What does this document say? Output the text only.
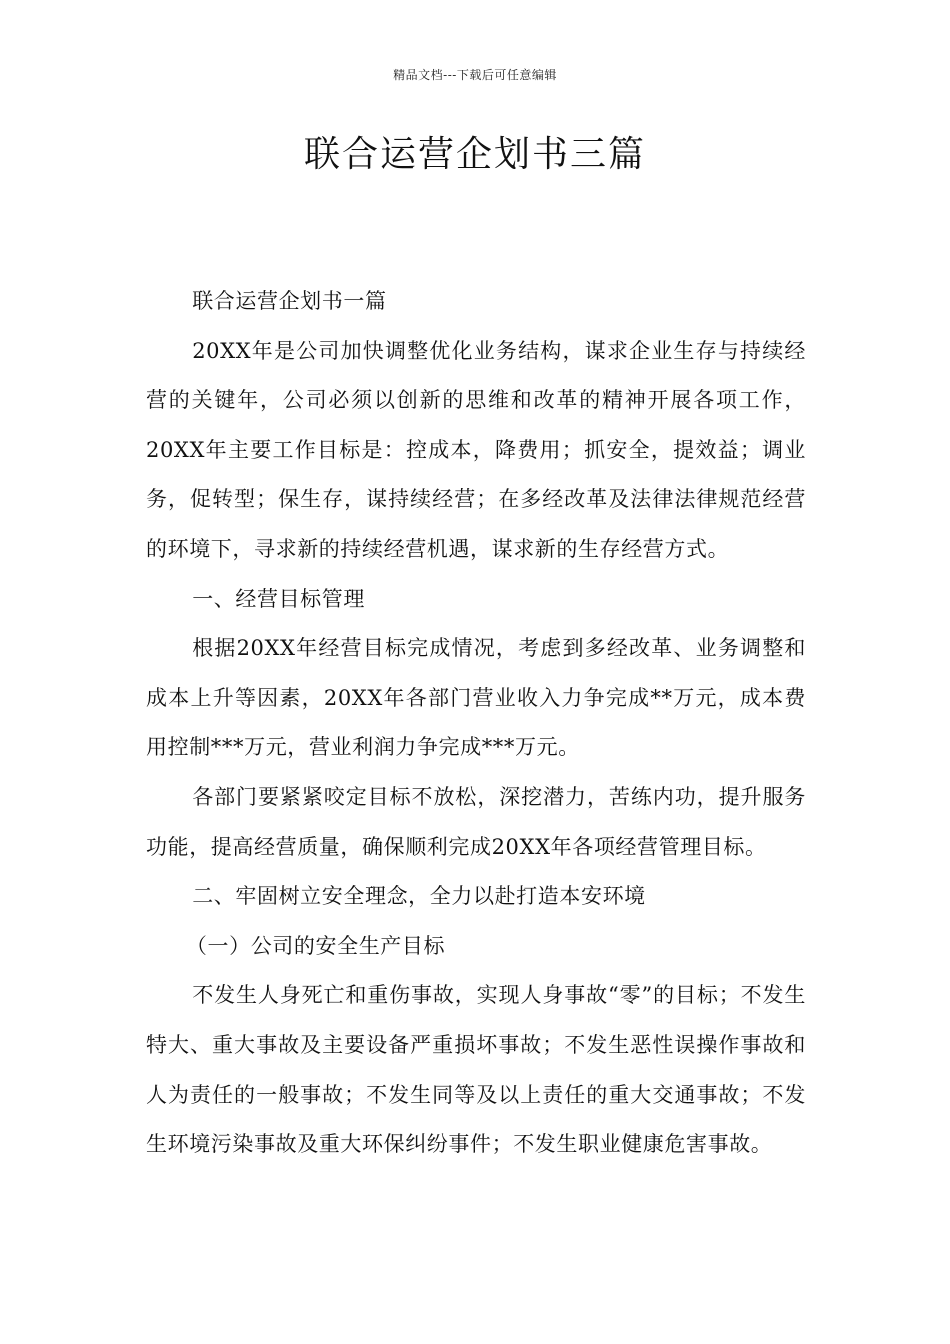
精品文档---下载后可任意编辑
联合运营企划书三篇

联合运营企划书一篇

20XX年是公司加快调整优化业务结构，谋求企业生存与持续经营的关键年，公司必须以创新的思维和改革的精神开展各项工作，20XX年主要工作目标是：控成本，降费用；抓安全，提效益；调业务，促转型；保生存，谋持续经营；在多经改革及法律法律规范经营的环境下，寻求新的持续经营机遇，谋求新的生存经营方式。

一、经营目标管理

根据20XX年经营目标完成情况，考虑到多经改革、业务调整和成本上升等因素，20XX年各部门营业收入力争完成**万元，成本费用控制***万元，营业利润力争完成***万元。

各部门要紧紧咬定目标不放松，深挖潜力，苦练内功，提升服务功能，提高经营质量，确保顺利完成20XX年各项经营管理目标。

二、牢固树立安全理念，全力以赴打造本安环境

（一）公司的安全生产目标

不发生人身死亡和重伤事故，实现人身事故“零”的目标；不发生特大、重大事故及主要设备严重损坏事故；不发生恶性误操作事故和人为责任的一般事故；不发生同等及以上责任的重大交通事故；不发生环境污染事故及重大环保纠纷事件；不发生职业健康危害事故。
